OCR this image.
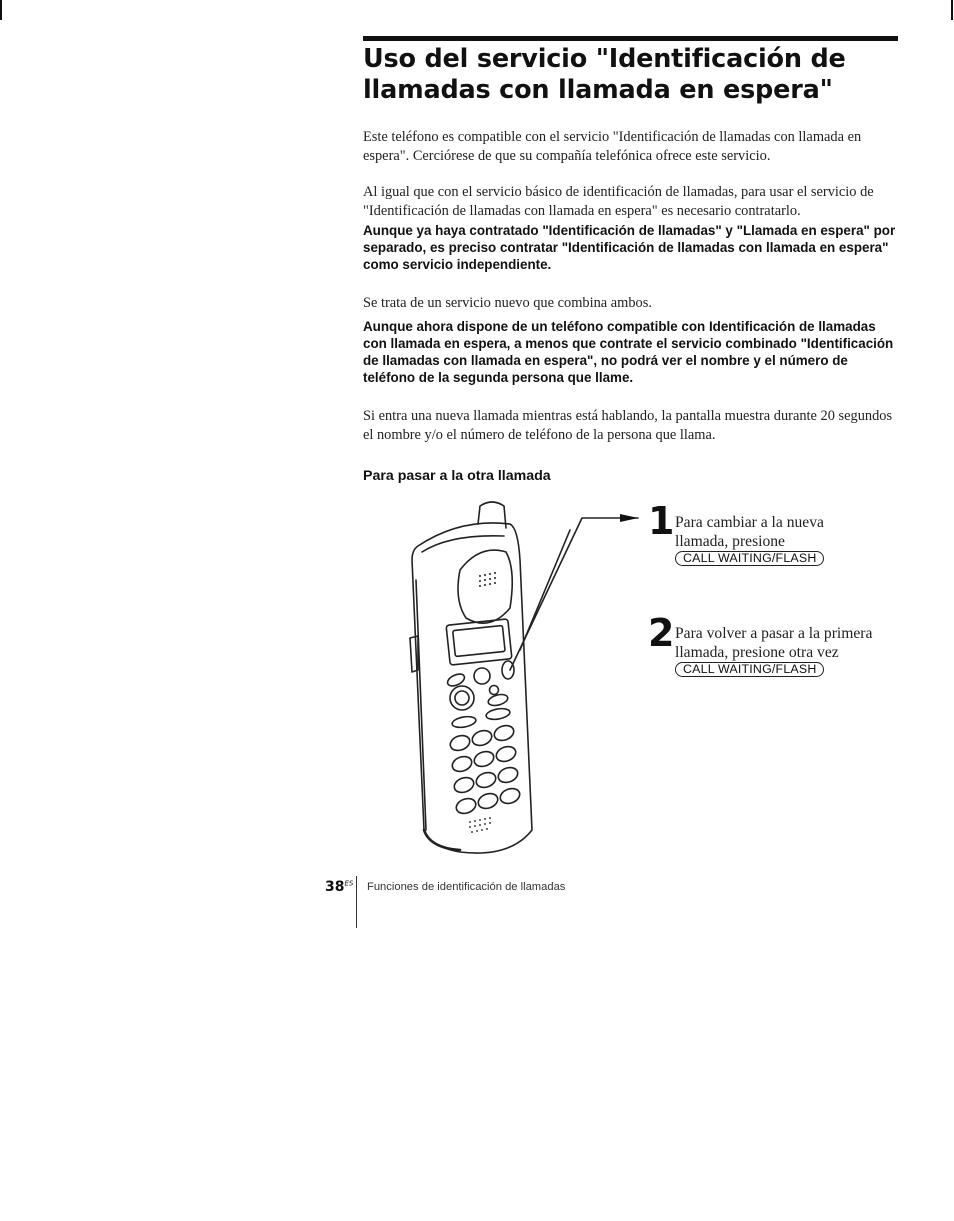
Uso del servicio "Identificación de llamadas con llamada en espera"

Este teléfono es compatible con el servicio "Identificación de llamadas con llamada en espera". Cerciórese de que su compañía telefónica ofrece este servicio.

Al igual que con el servicio básico de identificación de llamadas, para usar el servicio de "Identificación de llamadas con llamada en espera" es necesario contratarlo.

Aunque ya haya contratado "Identificación de llamadas" y "Llamada en espera" por separado, es preciso contratar "Identificación de llamadas con llamada en espera" como servicio independiente.

Se trata de un servicio nuevo que combina ambos.

Aunque ahora dispone de un teléfono compatible con Identificación de llamadas con llamada en espera, a menos que contrate el servicio combinado "Identificación de llamadas con llamada en espera", no podrá ver el nombre y el número de teléfono de la segunda persona que llame.

Si entra una nueva llamada mientras está hablando, la pantalla muestra durante 20 segundos el nombre y/o el número de teléfono de la persona que llama.

Para pasar a la otra llamada
1 Para cambiar a la nueva llamada, presione

CALL WAITING/FLASH
2 Para volver a pasar a la primera llamada, presione otra vez

CALL WAITING/FLASH
$38^{ES}$ Funciones de identificación de llamadas
